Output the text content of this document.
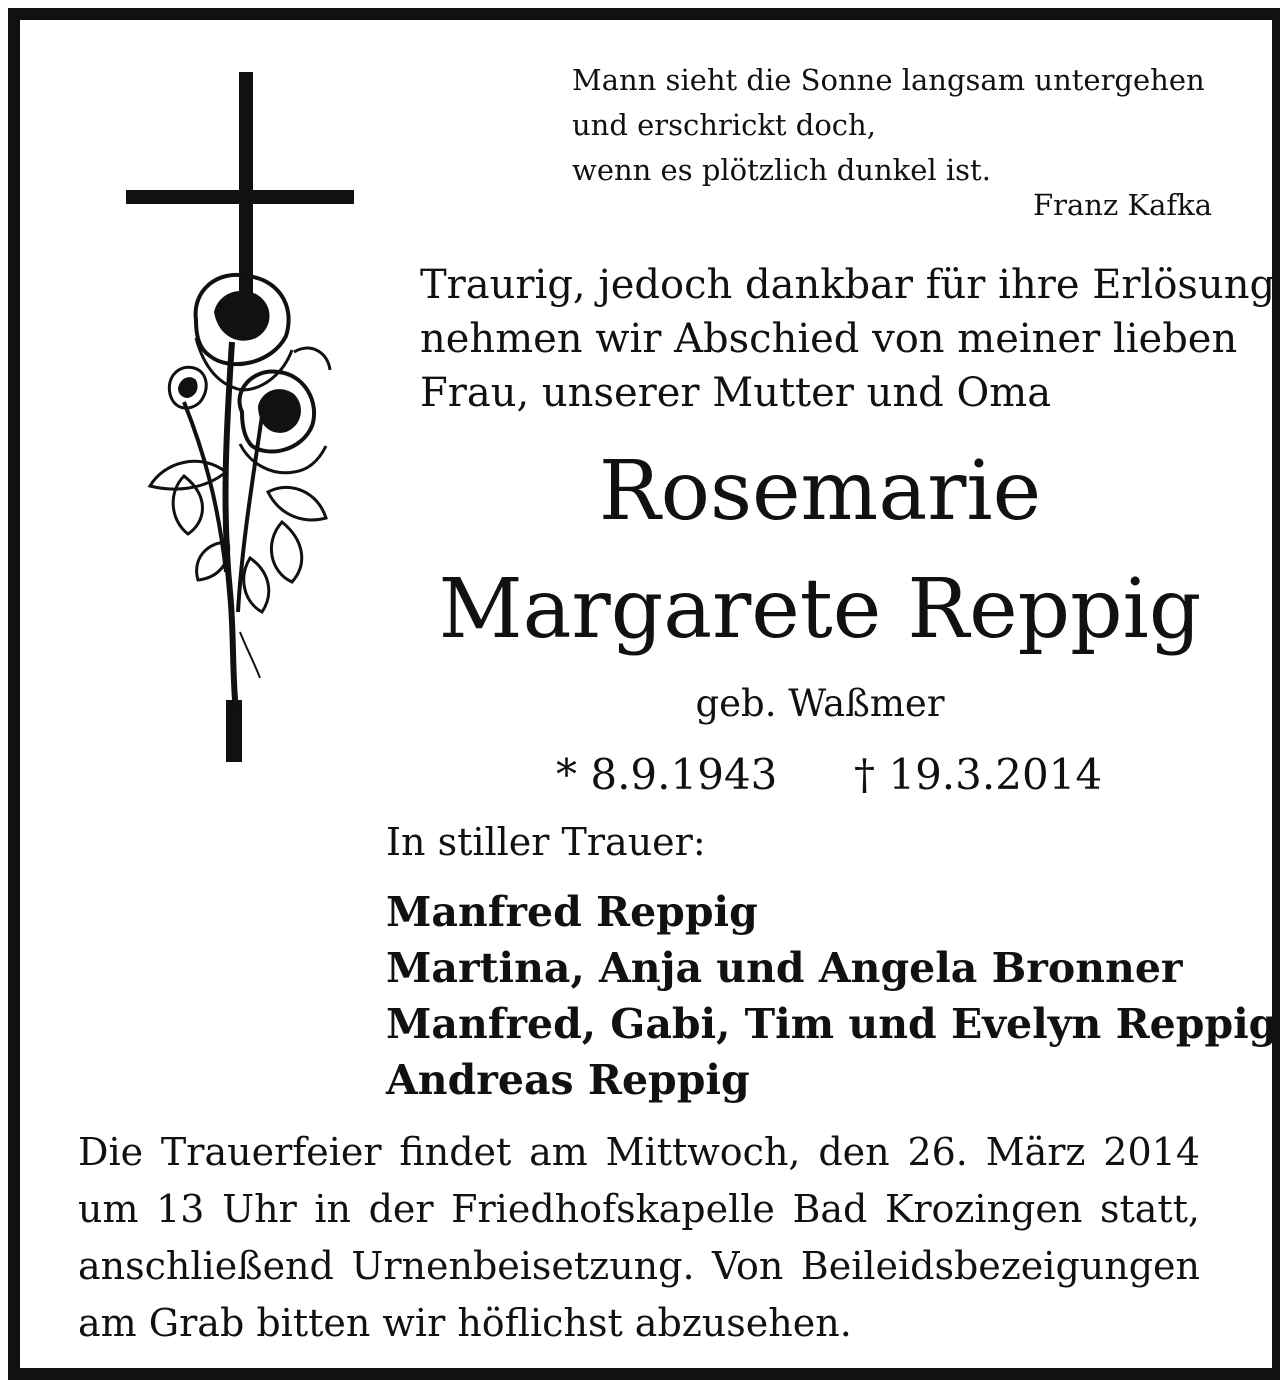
Mann sieht die Sonne langsam untergehen
und erschrickt doch,
wenn es plötzlich dunkel ist.
Franz Kafka
Traurig, jedoch dankbar für ihre Erlösung
nehmen wir Abschied von meiner lieben
Frau, unserer Mutter und Oma
Rosemarie
Margarete Reppig
geb. Waßmer
* 8.9.1943 † 19.3.2014
In stiller Trauer:
Manfred Reppig
Martina, Anja und Angela Bronner
Manfred, Gabi, Tim und Evelyn Reppig
Andreas Reppig
Die Trauerfeier findet am Mittwoch, den 26. März 2014 um 13 Uhr in der Friedhofskapelle Bad Krozingen statt, anschließend Urnenbeisetzung. Von Beileidsbezeigungen am Grab bitten wir höflichst abzusehen.
